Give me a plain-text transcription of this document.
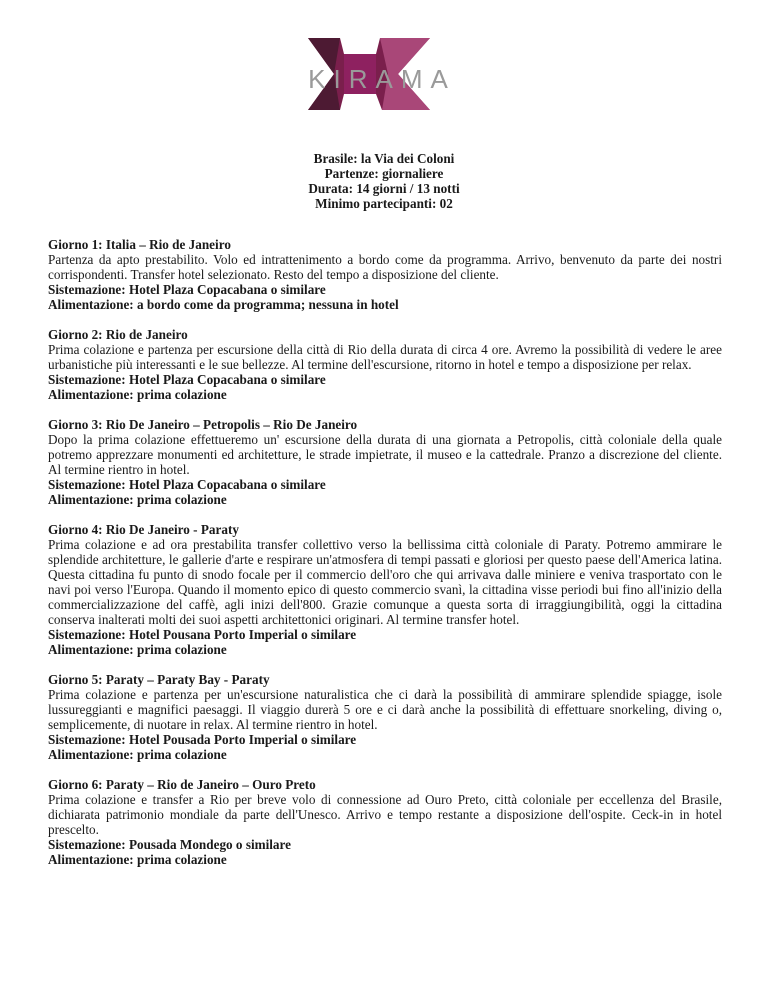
KIRAMA
Brasile: la Via dei Coloni
Partenze: giornaliere
Durata: 14 giorni / 13 notti
Minimo partecipanti: 02
Giorno 1: Italia – Rio de Janeiro
Partenza da apto prestabilito. Volo ed intrattenimento a bordo come da programma. Arrivo, benvenuto da parte dei nostri corrispondenti. Transfer hotel selezionato. Resto del tempo a disposizione del cliente.
Sistemazione: Hotel Plaza Copacabana o similare
Alimentazione: a bordo come da programma; nessuna in hotel
Giorno 2: Rio de Janeiro
Prima colazione e partenza per escursione della città di Rio della durata di circa 4 ore. Avremo la possibilità di vedere le aree urbanistiche più interessanti e le sue bellezze. Al termine dell'escursione, ritorno in hotel e tempo a disposizione per relax.
Sistemazione: Hotel Plaza Copacabana o similare
Alimentazione: prima colazione
Giorno 3: Rio De Janeiro – Petropolis – Rio De Janeiro
Dopo la prima colazione effettueremo un' escursione della durata di una giornata a Petropolis, città coloniale della quale potremo apprezzare monumenti ed architetture, le strade impietrate, il museo e la cattedrale. Pranzo a discrezione del cliente. Al termine rientro in hotel.
Sistemazione: Hotel Plaza Copacabana o similare
Alimentazione: prima colazione
Giorno 4: Rio De Janeiro - Paraty
Prima colazione e ad ora prestabilita transfer collettivo verso la bellissima città coloniale di Paraty. Potremo ammirare le splendide architetture, le gallerie d'arte e respirare un'atmosfera di tempi passati e gloriosi per questo paese dell'America latina. Questa cittadina fu punto di snodo focale per il commercio dell'oro che qui arrivava dalle miniere e veniva trasportato con le navi poi verso l'Europa. Quando il momento epico di questo commercio svanì, la cittadina visse periodi bui fino all'inizio della commercializzazione del caffè, agli inizi dell'800. Grazie comunque a questa sorta di irraggiungibilità, oggi la cittadina conserva inalterati molti dei suoi aspetti architettonici originari. Al termine transfer hotel.
Sistemazione: Hotel Pousana Porto Imperial o similare
Alimentazione: prima colazione
Giorno 5: Paraty – Paraty Bay - Paraty
Prima colazione e partenza per un'escursione naturalistica che ci darà la possibilità di ammirare splendide spiagge, isole lussureggianti e magnifici paesaggi. Il viaggio durerà 5 ore e ci darà anche la possibilità di effettuare snorkeling, diving o, semplicemente, di nuotare in relax. Al termine rientro in hotel.
Sistemazione: Hotel Pousada Porto Imperial o similare
Alimentazione: prima colazione
Giorno 6: Paraty – Rio de Janeiro – Ouro Preto
Prima colazione e transfer a Rio per breve volo di connessione ad Ouro Preto, città coloniale per eccellenza del Brasile, dichiarata patrimonio mondiale da parte dell'Unesco. Arrivo e tempo restante a disposizione dell'ospite. Ceck-in in hotel prescelto.
Sistemazione: Pousada Mondego o similare
Alimentazione: prima colazione
